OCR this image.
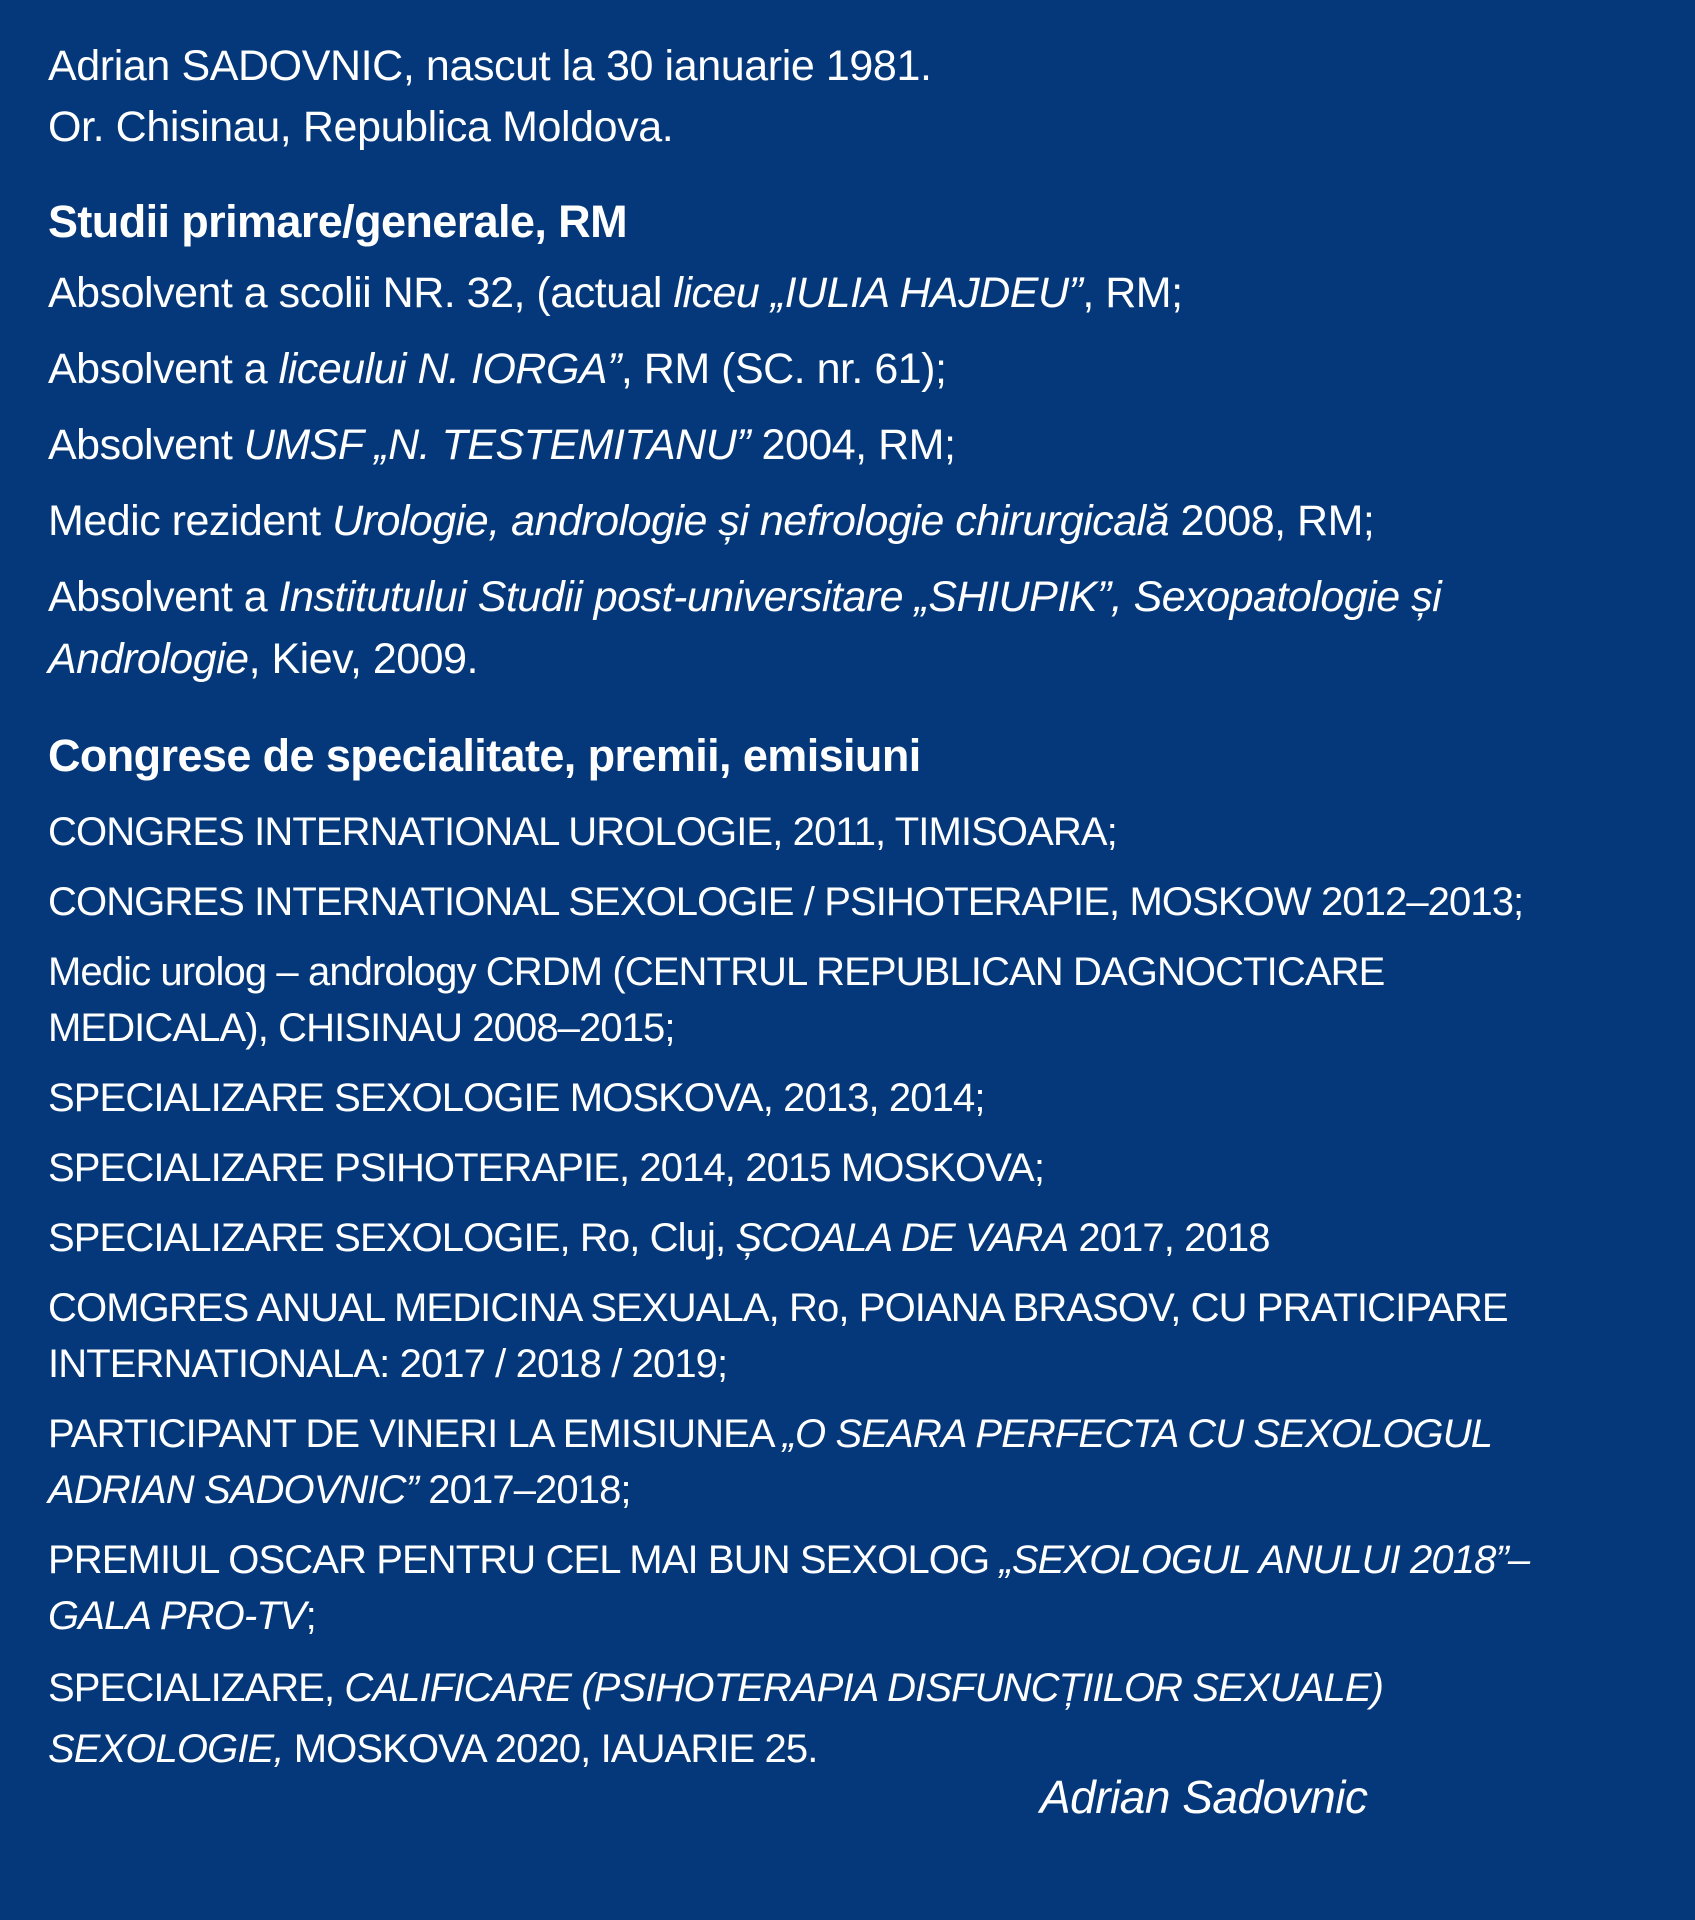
Adrian SADOVNIC, nascut la 30 ianuarie 1981.

Or. Chisinau, Republica Moldova.

Studii primare/generale, RM
Absolvent a scolii NR. 32, (actual liceu „IULIA HAJDEU”, RM;
Absolvent a liceului N. IORGA”, RM (SC. nr. 61);
Absolvent UMSF „N. TESTEMITANU” 2004, RM;
Medic rezident Urologie, andrologie și nefrologie chirurgicală 2008, RM;
Absolvent a Institutului Studii post-universitare „SHIUPIK”, Sexopatologie și Andrologie, Kiev, 2009.
Congrese de specialitate, premii, emisiuni
CONGRES INTERNATIONAL UROLOGIE, 2011, TIMISOARA;
CONGRES INTERNATIONAL SEXOLOGIE / PSIHOTERAPIE, MOSKOW 2012–2013;
Medic urolog – andrology CRDM (CENTRUL REPUBLICAN DAGNOCTICARE MEDICALA), CHISINAU 2008–2015;
SPECIALIZARE SEXOLOGIE MOSKOVA, 2013, 2014;
SPECIALIZARE PSIHOTERAPIE, 2014, 2015 MOSKOVA;
SPECIALIZARE SEXOLOGIE, Ro, Cluj, ȘCOALA DE VARA 2017, 2018
COMGRES ANUAL MEDICINA SEXUALA, Ro, POIANA BRASOV, CU PRATICIPARE INTERNATIONALA: 2017 / 2018 / 2019;
PARTICIPANT DE VINERI LA EMISIUNEA „O SEARA PERFECTA CU SEXOLOGUL ADRIAN SADOVNIC” 2017–2018;
PREMIUL OSCAR PENTRU CEL MAI BUN SEXOLOG „SEXOLOGUL ANULUI 2018”– GALA PRO-TV;
SPECIALIZARE, CALIFICARE (PSIHOTERAPIA DISFUNCȚIILOR SEXUALE) SEXOLOGIE, MOSKOVA 2020, IAUARIE 25.
Adrian Sadovnic
